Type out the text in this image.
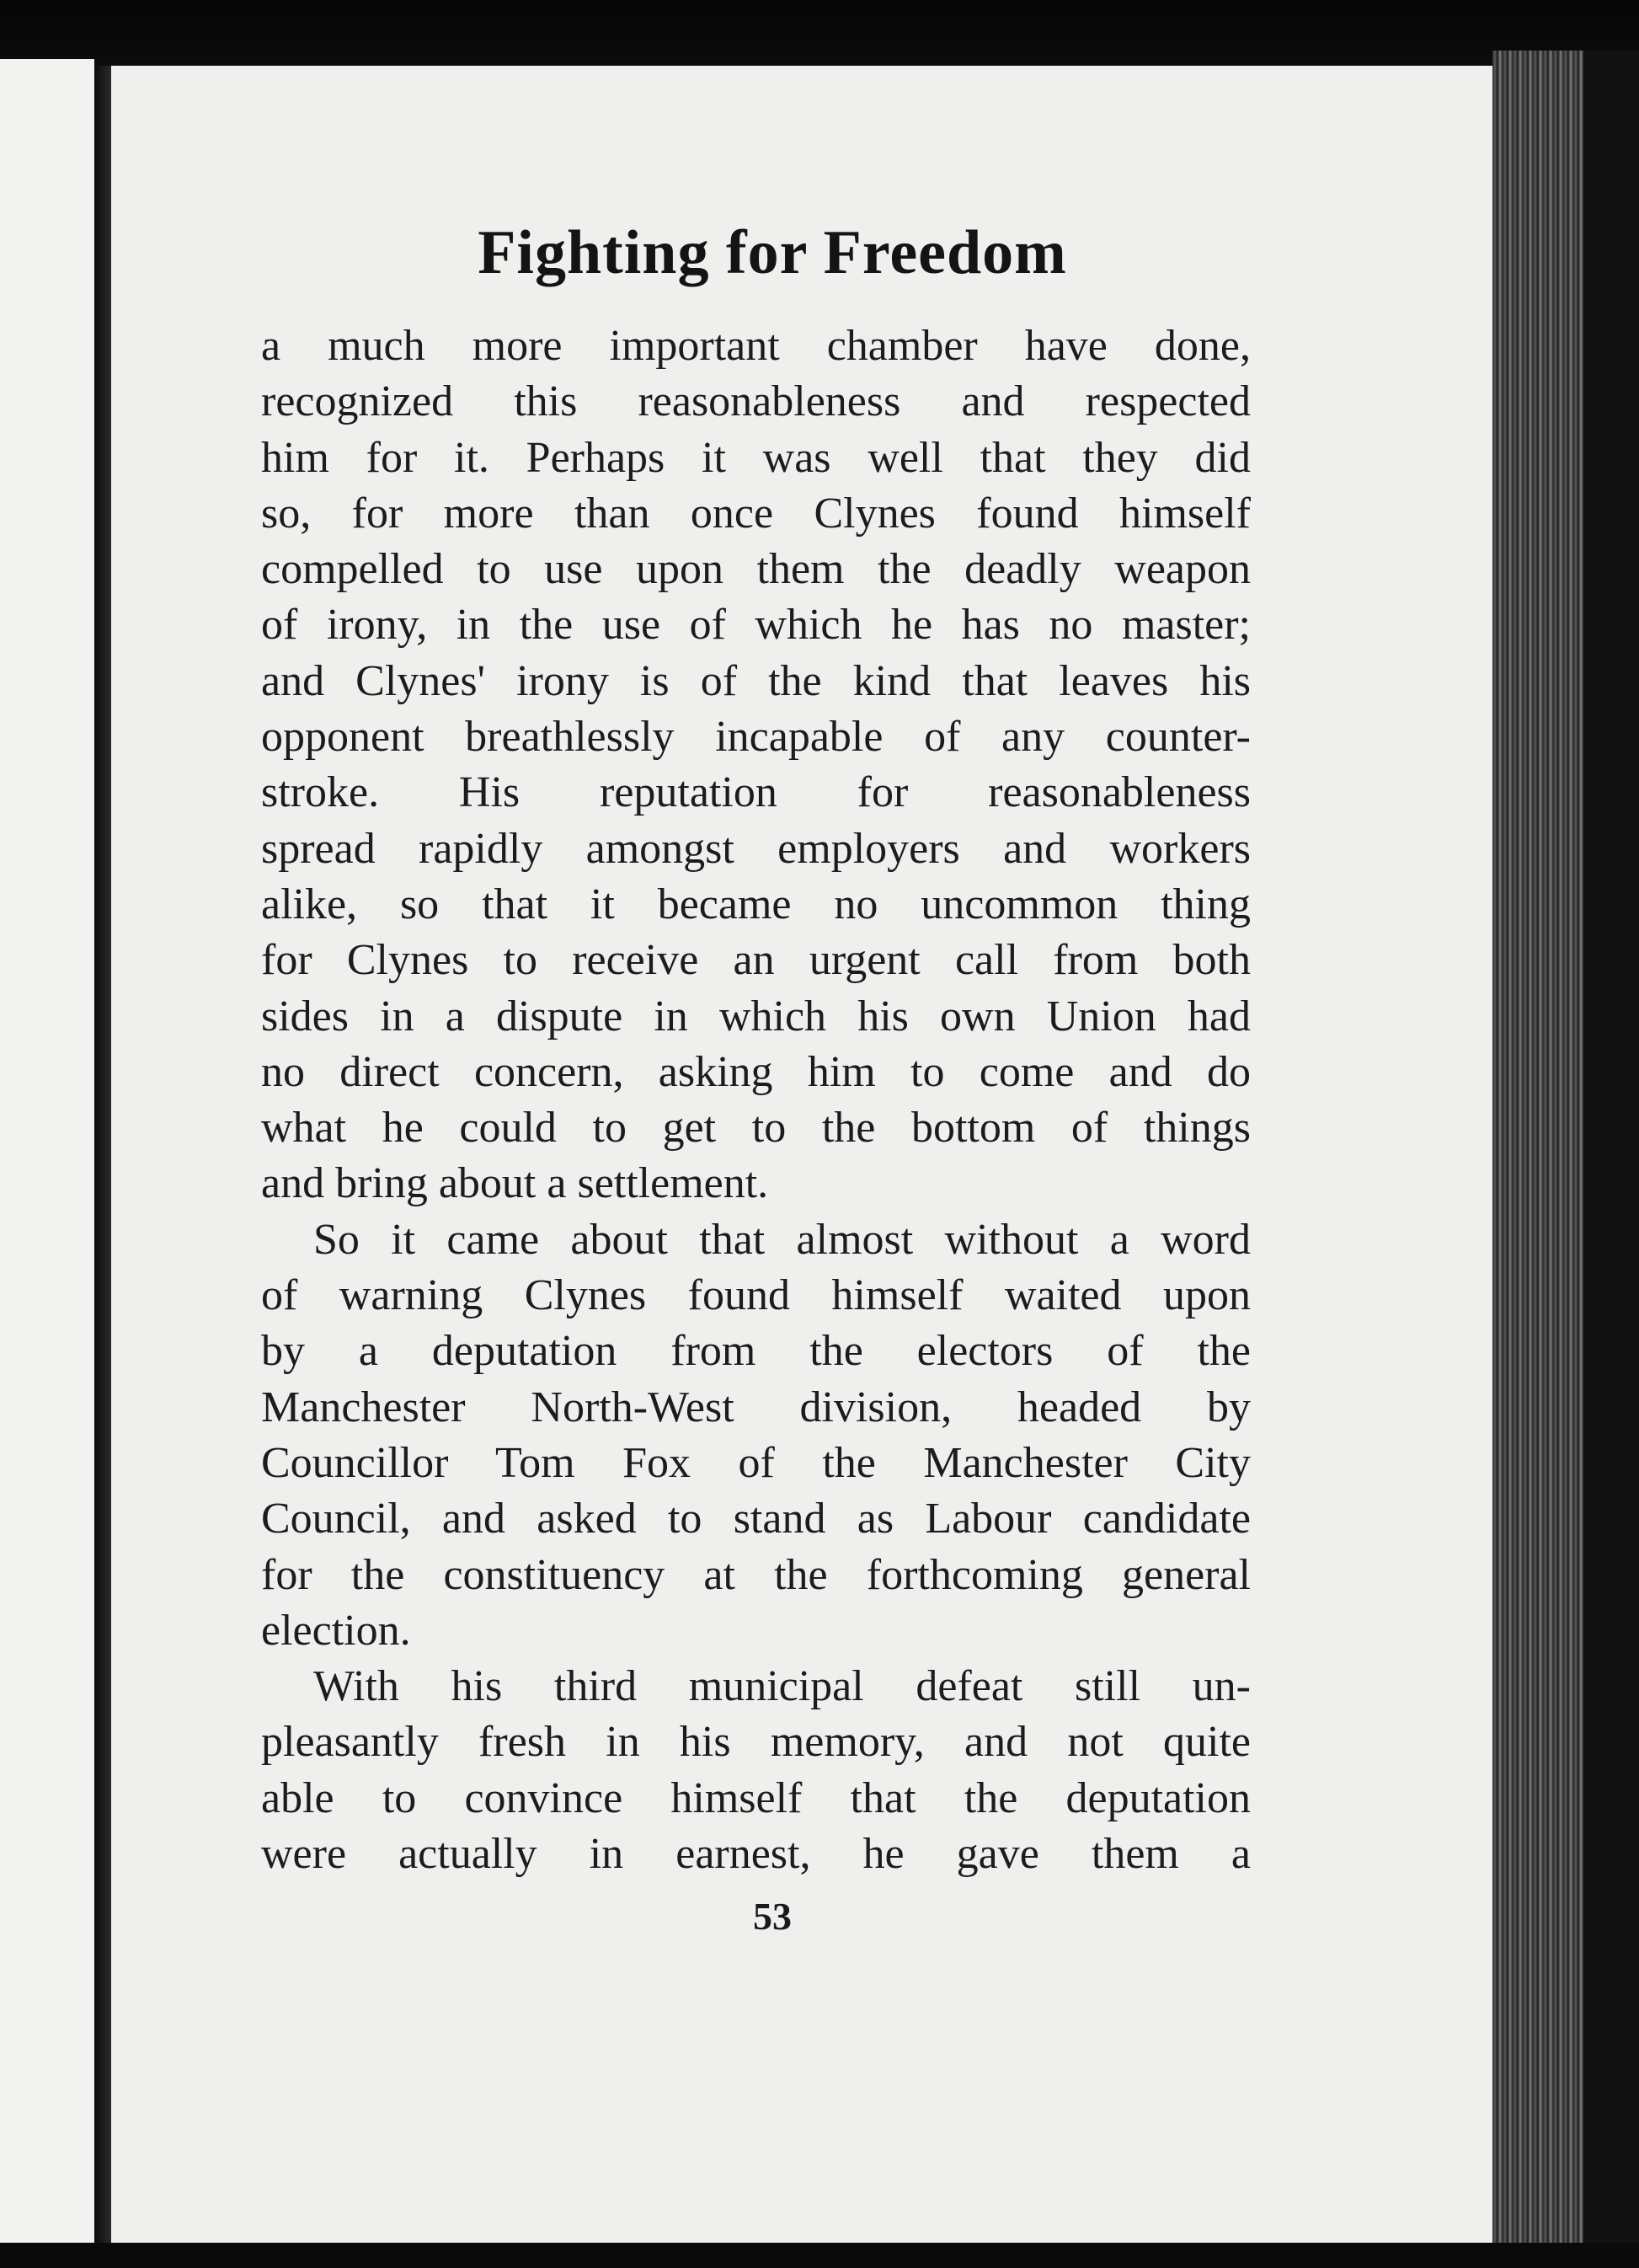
Fighting for Freedom
a much more important chamber have done,
recognized this reasonableness and respected
him for it. Perhaps it was well that they did
so, for more than once Clynes found himself
compelled to use upon them the deadly weapon
of irony, in the use of which he has no master;
and Clynes' irony is of the kind that leaves his
opponent breathlessly incapable of any counter-
stroke. His reputation for reasonableness
spread rapidly amongst employers and workers
alike, so that it became no uncommon thing
for Clynes to receive an urgent call from both
sides in a dispute in which his own Union had
no direct concern, asking him to come and do
what he could to get to the bottom of things
and bring about a settlement.
So it came about that almost without a word
of warning Clynes found himself waited upon
by a deputation from the electors of the
Manchester North-West division, headed by
Councillor Tom Fox of the Manchester City
Council, and asked to stand as Labour candidate
for the constituency at the forthcoming general
election.
With his third municipal defeat still un-
pleasantly fresh in his memory, and not quite
able to convince himself that the deputation
were actually in earnest, he gave them a
53
